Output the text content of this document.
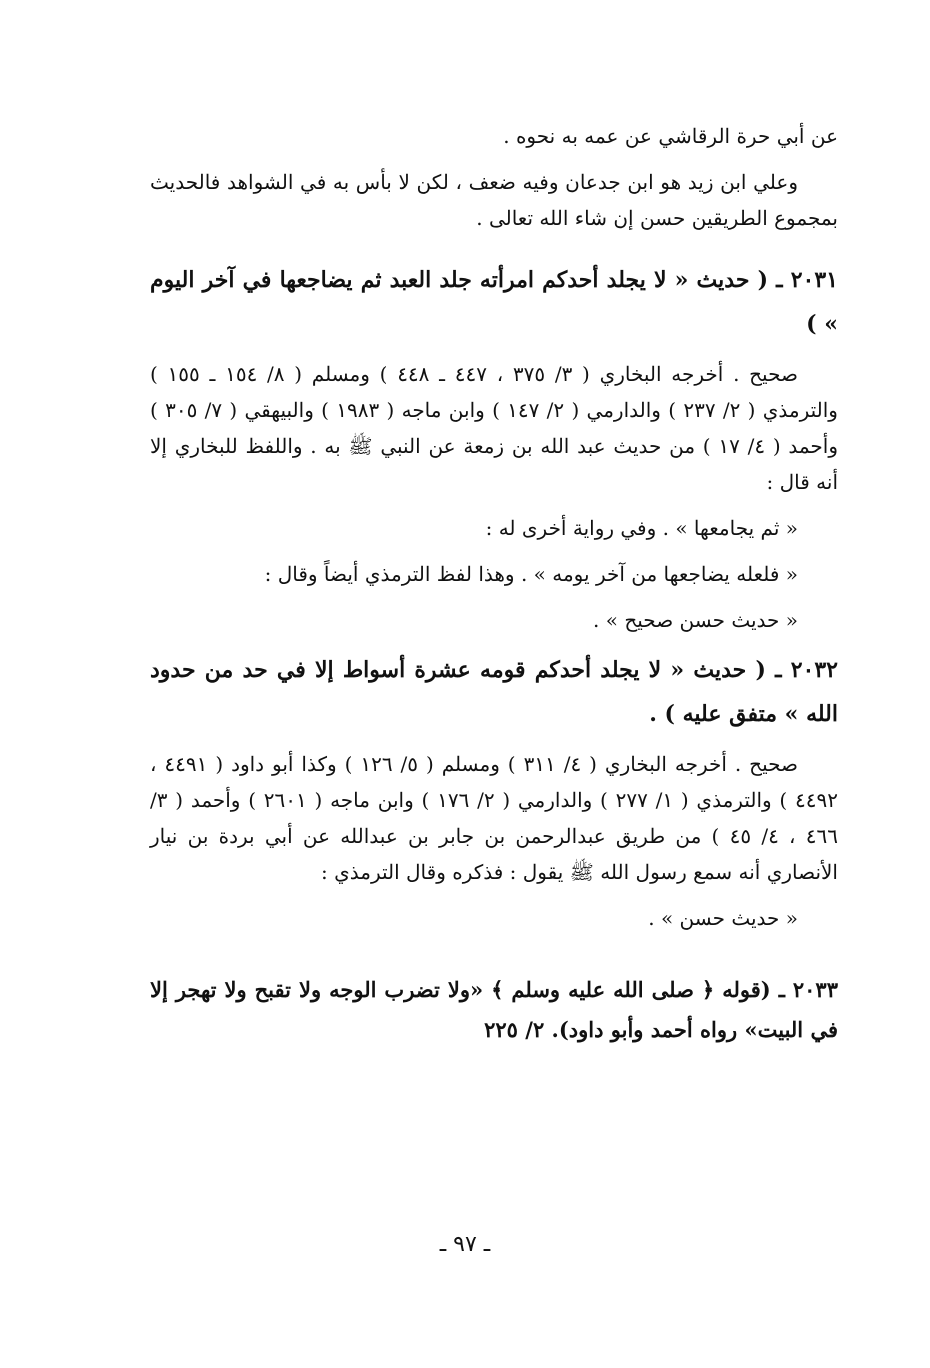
عن أبي حرة الرقاشي عن عمه به نحوه .

وعلي ابن زيد هو ابن جدعان وفيه ضعف ، لكن لا بأس به في الشواهد فالحديث بمجموع الطريقين حسن إن شاء الله تعالى .

٢٠٣١ ـ ( حديث « لا يجلد أحدكم امرأته جلد العبد ثم يضاجعها في آخر اليوم » )

صحيح . أخرجه البخاري ( ٣/ ٣٧٥ ، ٤٤٧ ـ ٤٤٨ ) ومسلم ( ٨/ ١٥٤ ـ ١٥٥ ) والترمذي ( ٢/ ٢٣٧ ) والدارمي ( ٢/ ١٤٧ ) وابن ماجه ( ١٩٨٣ ) والبيهقي ( ٧/ ٣٠٥ ) وأحمد ( ٤/ ١٧ ) من حديث عبد الله بن زمعة عن النبي ﷺ به . واللفظ للبخاري إلا أنه قال :

« ثم يجامعها » . وفي رواية أخرى له :

« فلعله يضاجعها من آخر يومه » . وهذا لفظ الترمذي أيضاً وقال :

« حديث حسن صحيح » .

٢٠٣٢ ـ ( حديث « لا يجلد أحدكم قومه عشرة أسواط إلا في حد من حدود الله » متفق عليه ) .

صحيح . أخرجه البخاري ( ٤/ ٣١١ ) ومسلم ( ٥/ ١٢٦ ) وكذا أبو داود ( ٤٤٩١ ، ٤٤٩٢ ) والترمذي ( ١/ ٢٧٧ ) والدارمي ( ٢/ ١٧٦ ) وابن ماجه ( ٢٦٠١ ) وأحمد ( ٣/ ٤٦٦ ، ٤/ ٤٥ ) من طريق عبدالرحمن بن جابر بن عبدالله عن أبي بردة بن نيار الأنصاري أنه سمع رسول الله ﷺ يقول : فذكره وقال الترمذي :

« حديث حسن » .

٢٠٣٣ ـ (قوله ﴿ صلى الله عليه وسلم ﴾ «ولا تضرب الوجه ولا تقبح ولا تهجر إلا في البيت» رواه أحمد وأبو داود). ٢/ ٢٢٥

ـ ٩٧ ـ
